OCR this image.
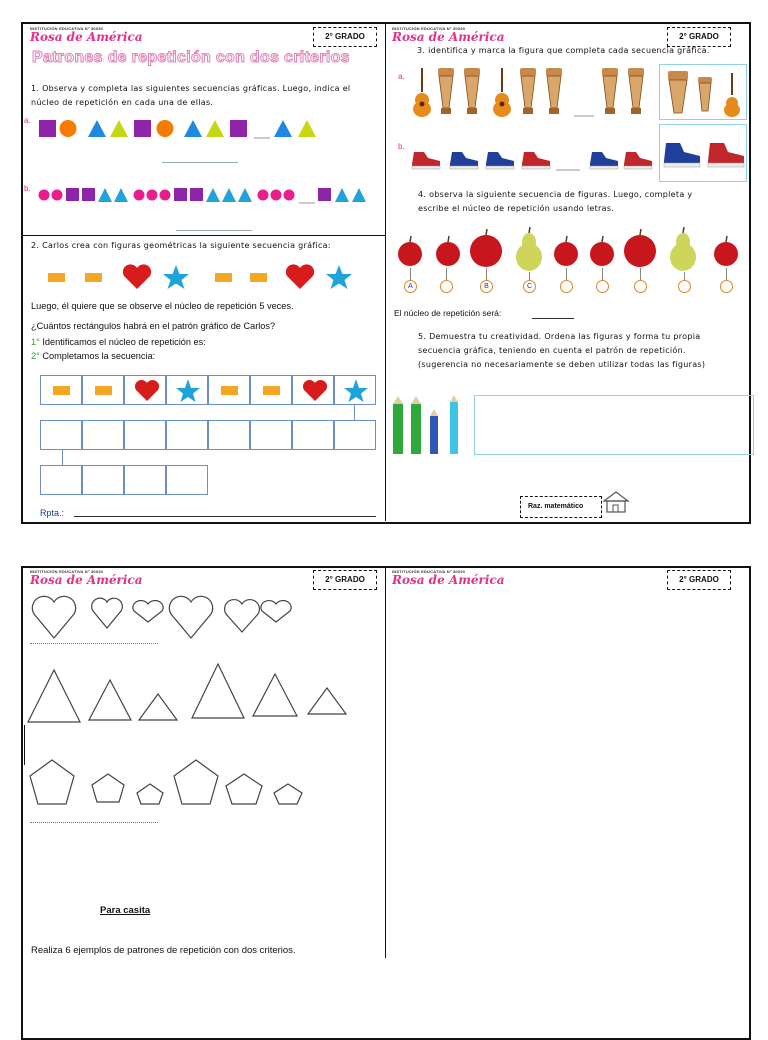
INSTITUCIÓN EDUCATIVA N° 30030
Rosa de América	2° GRADO
Patrones de repetición con dos criterios
1. Observa y completa las siguientes secuencias gráficas. Luego, indica el núcleo de repetición en cada una de ellas.
a.
b.
2. Carlos crea con figuras geométricas la siguiente secuencia gráfica:
Luego, él quiere que se observe el núcleo de repetición 5 veces.
¿Cuántos rectángulos habrá en el patrón gráfico de Carlos?
1° Identificamos el núcleo de repetición es:
2° Completamos la secuencia:
Rpta.:
INSTITUCIÓN EDUCATIVA N° 30030
Rosa de América	2° GRADO
3. identifica y marca la figura que completa cada secuencia gráfica.
a.
b.
4. observa la siguiente secuencia de figuras. Luego, completa y escribe el núcleo de repetición usando letras.
A	B	C
El núcleo de repetición será:
5. Demuestra tu creatividad. Ordena las figuras y forma tu propia secuencia gráfica, teniendo en cuenta el patrón de repetición. (sugerencia no necesariamente se deben utilizar todas las figuras)
Raz. matemático
INSTITUCIÓN EDUCATIVA N° 30030
Rosa de América	2° GRADO
INSTITUCIÓN EDUCATIVA N° 30030
Rosa de América	2° GRADO
Para casita
Realiza 6 ejemplos de patrones de repetición con dos criterios.
